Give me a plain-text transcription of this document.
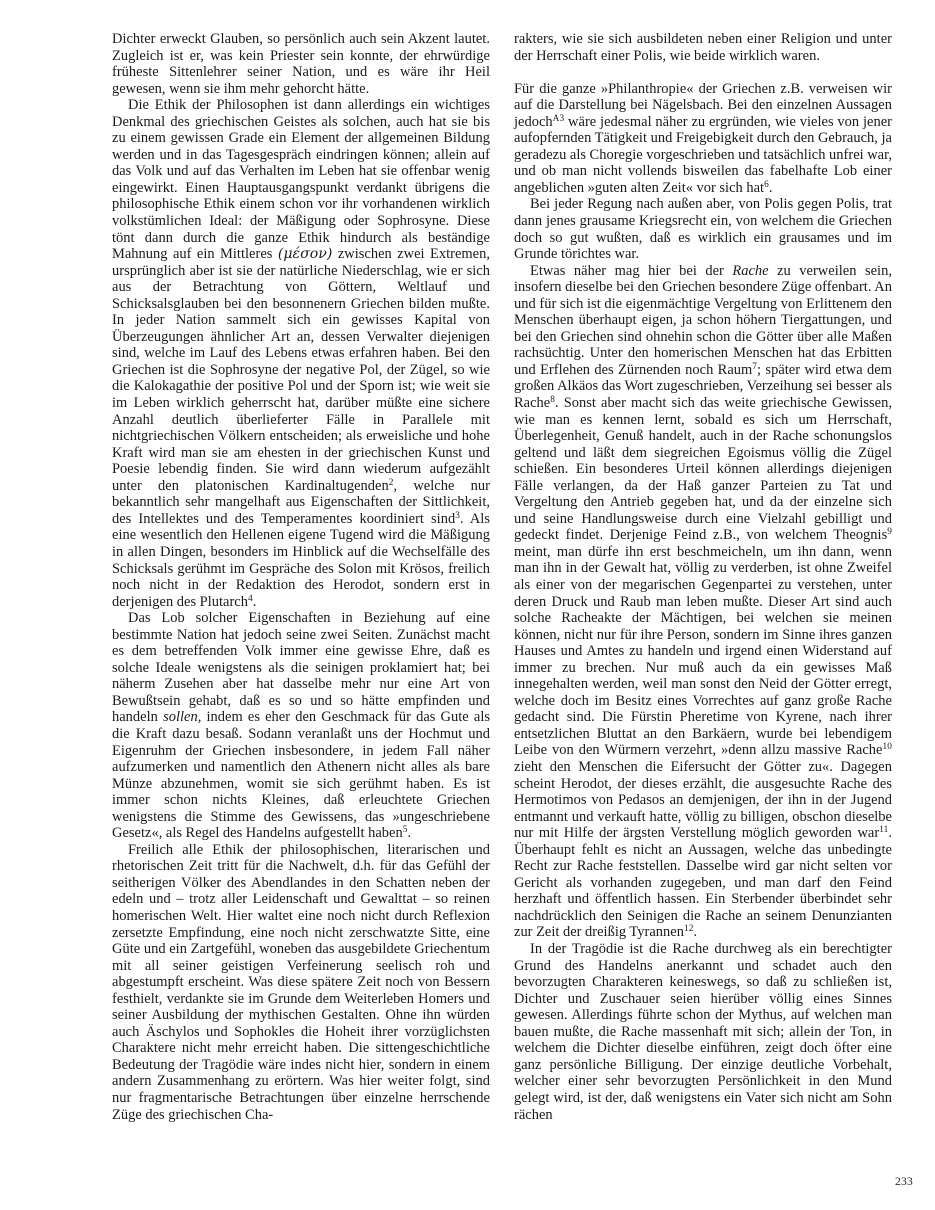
Dichter erweckt Glauben, so persönlich auch sein Akzent lautet. Zugleich ist er, was kein Priester sein konnte, der ehrwürdige früheste Sittenlehrer seiner Nation, und es wäre ihr Heil gewesen, wenn sie ihm mehr gehorcht hätte.

Die Ethik der Philosophen ist dann allerdings ein wichtiges Denkmal des griechischen Geistes als solchen, auch hat sie bis zu einem gewissen Grade ein Element der allgemeinen Bildung werden und in das Tagesgespräch eindringen können; allein auf das Volk und auf das Verhalten im Leben hat sie offenbar wenig eingewirkt. Einen Hauptausgangspunkt verdankt übrigens die philosophische Ethik einem schon vor ihr vorhandenen wirklich volkstümlichen Ideal: der Mäßigung oder Sophrosyne. Diese tönt dann durch die ganze Ethik hindurch als beständige Mahnung auf ein Mittleres (μέσον) zwischen zwei Extremen, ursprünglich aber ist sie der natürliche Niederschlag, wie er sich aus der Betrachtung von Göttern, Weltlauf und Schicksalsglauben bei den besonnenern Griechen bilden mußte. In jeder Nation sammelt sich ein gewisses Kapital von Überzeugungen ähnlicher Art an, dessen Verwalter diejenigen sind, welche im Lauf des Lebens etwas erfahren haben. Bei den Griechen ist die Sophrosyne der negative Pol, der Zügel, so wie die Kalokagathie der positive Pol und der Sporn ist; wie weit sie im Leben wirklich geherrscht hat, darüber müßte eine sichere Anzahl deutlich überlieferter Fälle in Parallele mit nichtgriechischen Völkern entscheiden; als erweisliche und hohe Kraft wird man sie am ehesten in der griechischen Kunst und Poesie lebendig finden. Sie wird dann wiederum aufgezählt unter den platonischen Kardinaltugenden$^2$, welche nur bekanntlich sehr mangelhaft aus Eigenschaften der Sittlichkeit, des Intellektes und des Temperamentes koordiniert sind$^3$. Als eine wesentlich den Hellenen eigene Tugend wird die Mäßigung in allen Dingen, besonders im Hinblick auf die Wechselfälle des Schicksals gerühmt im Gespräche des Solon mit Krösos, freilich noch nicht in der Redaktion des Herodot, sondern erst in derjenigen des Plutarch$^4$.

Das Lob solcher Eigenschaften in Beziehung auf eine bestimmte Nation hat jedoch seine zwei Seiten. Zunächst macht es dem betreffenden Volk immer eine gewisse Ehre, daß es solche Ideale wenigstens als die seinigen proklamiert hat; bei näherm Zusehen aber hat dasselbe mehr nur eine Art von Bewußtsein gehabt, daß es so und so hätte empfinden und handeln sollen, indem es eher den Geschmack für das Gute als die Kraft dazu besaß. Sodann veranlaßt uns der Hochmut und Eigenruhm der Griechen insbesondere, in jedem Fall näher aufzumerken und namentlich den Athenern nicht alles als bare Münze abzunehmen, womit sie sich gerühmt haben. Es ist immer schon nichts Kleines, daß erleuchtete Griechen wenigstens die Stimme des Gewissens, das »ungeschriebene Gesetz«, als Regel des Handelns aufgestellt haben$^5$.

Freilich alle Ethik der philosophischen, literarischen und rhetorischen Zeit tritt für die Nachwelt, d.h. für das Gefühl der seitherigen Völker des Abendlandes in den Schatten neben der edeln und – trotz aller Leidenschaft und Gewalttat – so reinen homerischen Welt. Hier waltet eine noch nicht durch Reflexion zersetzte Empfindung, eine noch nicht zerschwatzte Sitte, eine Güte und ein Zartgefühl, woneben das ausgebildete Griechentum mit all seiner geistigen Verfeinerung seelisch roh und abgestumpft erscheint. Was diese spätere Zeit noch von Bessern festhielt, verdankte sie im Grunde dem Weiterleben Homers und seiner Ausbildung der mythischen Gestalten. Ohne ihn würden auch Äschylos und Sophokles die Hoheit ihrer vorzüglichsten Charaktere nicht mehr erreicht haben. Die sittengeschichtliche Bedeutung der Tragödie wäre indes nicht hier, sondern in einem andern Zusammenhang zu erörtern. Was hier weiter folgt, sind nur fragmentarische Betrachtungen über einzelne herrschende Züge des griechischen Cha-

rakters, wie sie sich ausbildeten neben einer Religion und unter der Herrschaft einer Polis, wie beide wirklich waren.

Für die ganze »Philanthropie« der Griechen z.B. verweisen wir auf die Darstellung bei Nägelsbach. Bei den einzelnen Aussagen jedoch$^{A3}$ wäre jedesmal näher zu ergründen, wie vieles von jener aufopfernden Tätigkeit und Freigebigkeit durch den Gebrauch, ja geradezu als Choregie vorgeschrieben und tatsächlich unfrei war, und ob man nicht vollends bisweilen das fabelhafte Lob einer angeblichen »guten alten Zeit« vor sich hat$^6$.

Bei jeder Regung nach außen aber, von Polis gegen Polis, trat dann jenes grausame Kriegsrecht ein, von welchem die Griechen doch so gut wußten, daß es wirklich ein grausames und im Grunde törichtes war.

Etwas näher mag hier bei der Rache zu verweilen sein, insofern dieselbe bei den Griechen besondere Züge offenbart. An und für sich ist die eigenmächtige Vergeltung von Erlittenem den Menschen überhaupt eigen, ja schon höhern Tiergattungen, und bei den Griechen sind ohnehin schon die Götter über alle Maßen rachsüchtig. Unter den homerischen Menschen hat das Erbitten und Erflehen des Zürnenden noch Raum$^7$; später wird etwa dem großen Alkäos das Wort zugeschrieben, Verzeihung sei besser als Rache$^8$. Sonst aber macht sich das weite griechische Gewissen, wie man es kennen lernt, sobald es sich um Herrschaft, Überlegenheit, Genuß handelt, auch in der Rache schonungslos geltend und läßt dem siegreichen Egoismus völlig die Zügel schießen. Ein besonderes Urteil können allerdings diejenigen Fälle verlangen, da der Haß ganzer Parteien zu Tat und Vergeltung den Antrieb gegeben hat, und da der einzelne sich und seine Handlungsweise durch eine Vielzahl gebilligt und gedeckt findet. Derjenige Feind z.B., von welchem Theognis$^9$ meint, man dürfe ihn erst beschmeicheln, um ihn dann, wenn man ihn in der Gewalt hat, völlig zu verderben, ist ohne Zweifel als einer von der megarischen Gegenpartei zu verstehen, unter deren Druck und Raub man leben mußte. Dieser Art sind auch solche Racheakte der Mächtigen, bei welchen sie meinen können, nicht nur für ihre Person, sondern im Sinne ihres ganzen Hauses und Amtes zu handeln und irgend einen Widerstand auf immer zu brechen. Nur muß auch da ein gewisses Maß innegehalten werden, weil man sonst den Neid der Götter erregt, welche doch im Besitz eines Vorrechtes auf ganz große Rache gedacht sind. Die Fürstin Pheretime von Kyrene, nach ihrer entsetzlichen Bluttat an den Barkäern, wurde bei lebendigem Leibe von den Würmern verzehrt, »denn allzu massive Rache$^{10}$ zieht den Menschen die Eifersucht der Götter zu«. Dagegen scheint Herodot, der dieses erzählt, die ausgesuchte Rache des Hermotimos von Pedasos an demjenigen, der ihn in der Jugend entmannt und verkauft hatte, völlig zu billigen, obschon dieselbe nur mit Hilfe der ärgsten Verstellung möglich geworden war$^{11}$. Überhaupt fehlt es nicht an Aussagen, welche das unbedingte Recht zur Rache feststellen. Dasselbe wird gar nicht selten vor Gericht als vorhanden zugegeben, und man darf den Feind herzhaft und öffentlich hassen. Ein Sterbender überbindet sehr nachdrücklich den Seinigen die Rache an seinem Denunzianten zur Zeit der dreißig Tyrannen$^{12}$.

In der Tragödie ist die Rache durchweg als ein berechtigter Grund des Handelns anerkannt und schadet auch den bevorzugten Charakteren keineswegs, so daß zu schließen ist, Dichter und Zuschauer seien hierüber völlig eines Sinnes gewesen. Allerdings führte schon der Mythus, auf welchen man bauen mußte, die Rache massenhaft mit sich; allein der Ton, in welchem die Dichter dieselbe einführen, zeigt doch öfter eine ganz persönliche Billigung. Der einzige deutliche Vorbehalt, welcher einer sehr bevorzugten Persönlichkeit in den Mund gelegt wird, ist der, daß wenigstens ein Vater sich nicht am Sohn rächen

233
